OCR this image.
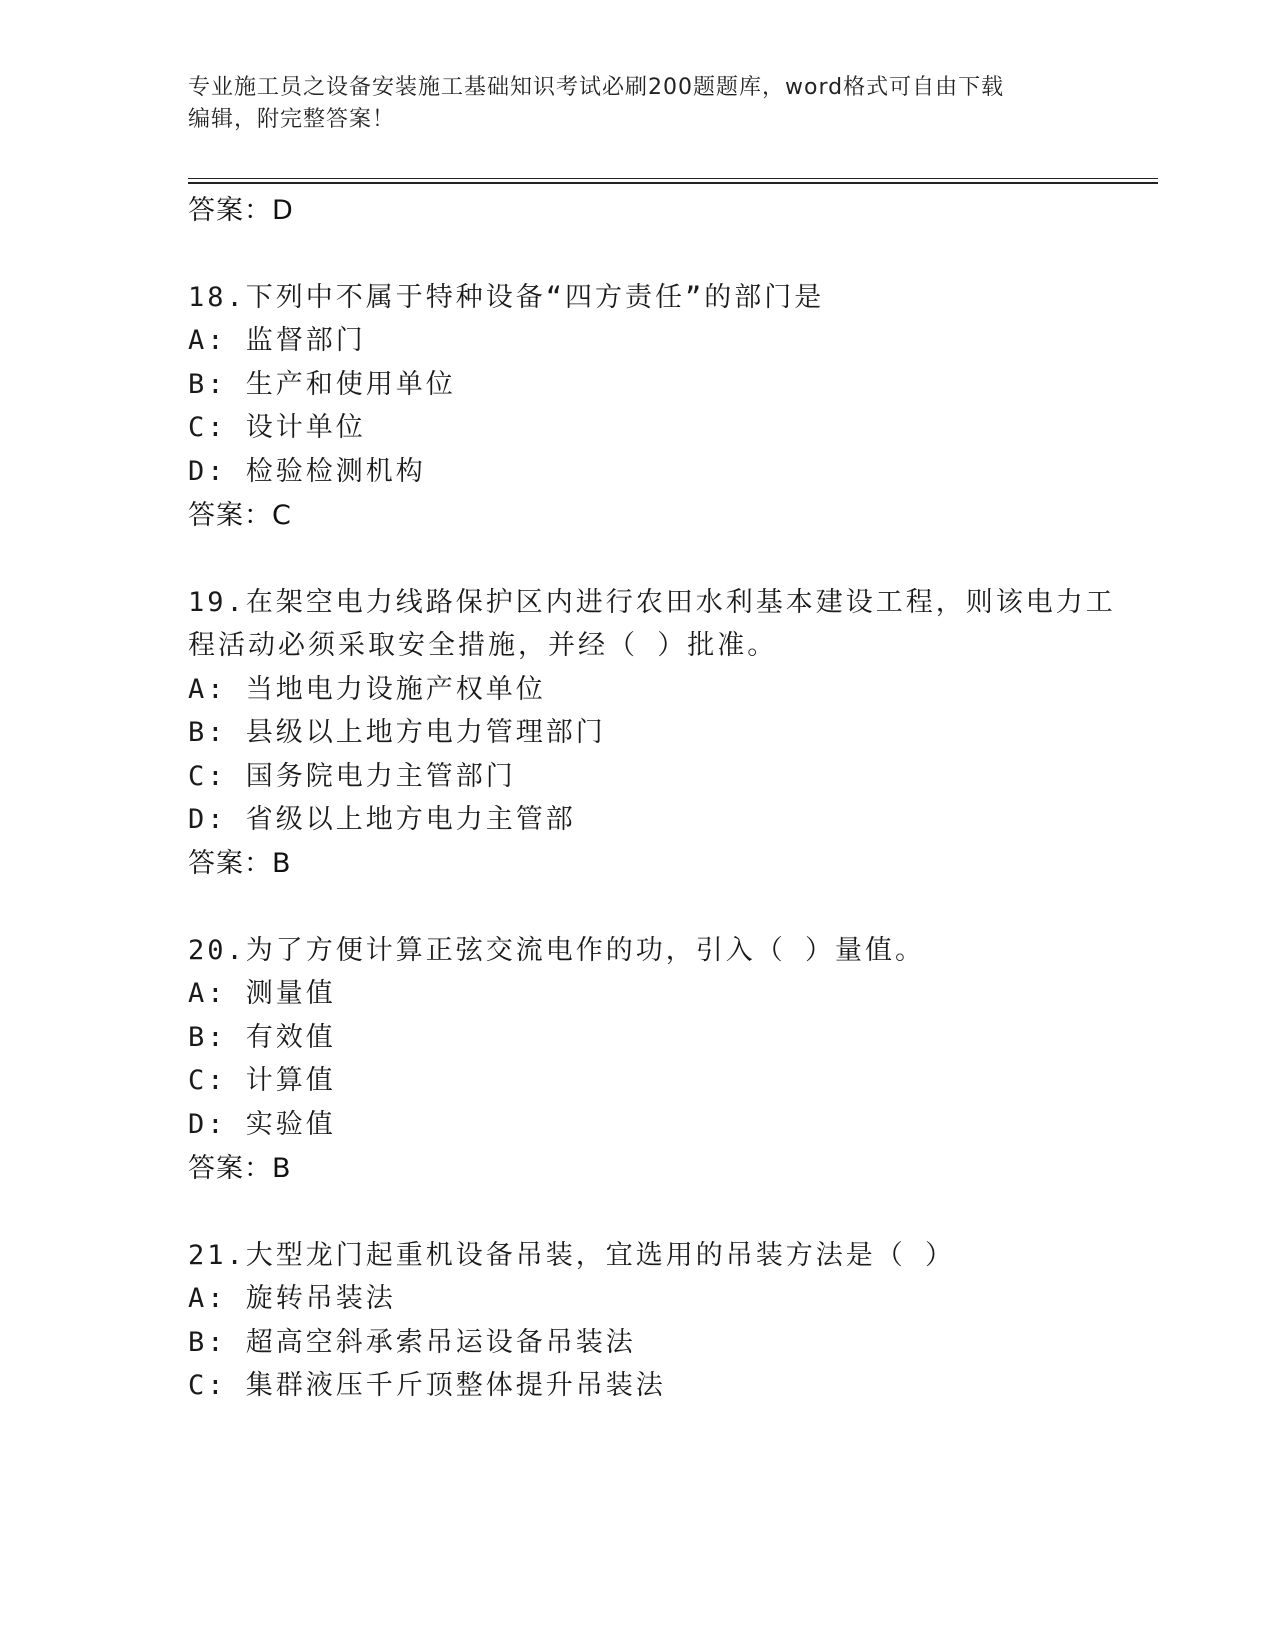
专业施工员之设备安装施工基础知识考试必刷200题题库，word格式可自由下载
编辑，附完整答案！
答案：D
18.下列中不属于特种设备“四方责任”的部门是
A: 监督部门
B: 生产和使用单位
C: 设计单位
D: 检验检测机构
答案：C
19.在架空电力线路保护区内进行农田水利基本建设工程，则该电力工
程活动必须采取安全措施，并经（ ）批准。
A: 当地电力设施产权单位
B: 县级以上地方电力管理部门
C: 国务院电力主管部门
D: 省级以上地方电力主管部
答案：B
20.为了方便计算正弦交流电作的功，引入（ ）量值。
A: 测量值
B: 有效值
C: 计算值
D: 实验值
答案：B
21.大型龙门起重机设备吊装，宜选用的吊装方法是（ ）
A: 旋转吊装法
B: 超高空斜承索吊运设备吊装法
C: 集群液压千斤顶整体提升吊装法
